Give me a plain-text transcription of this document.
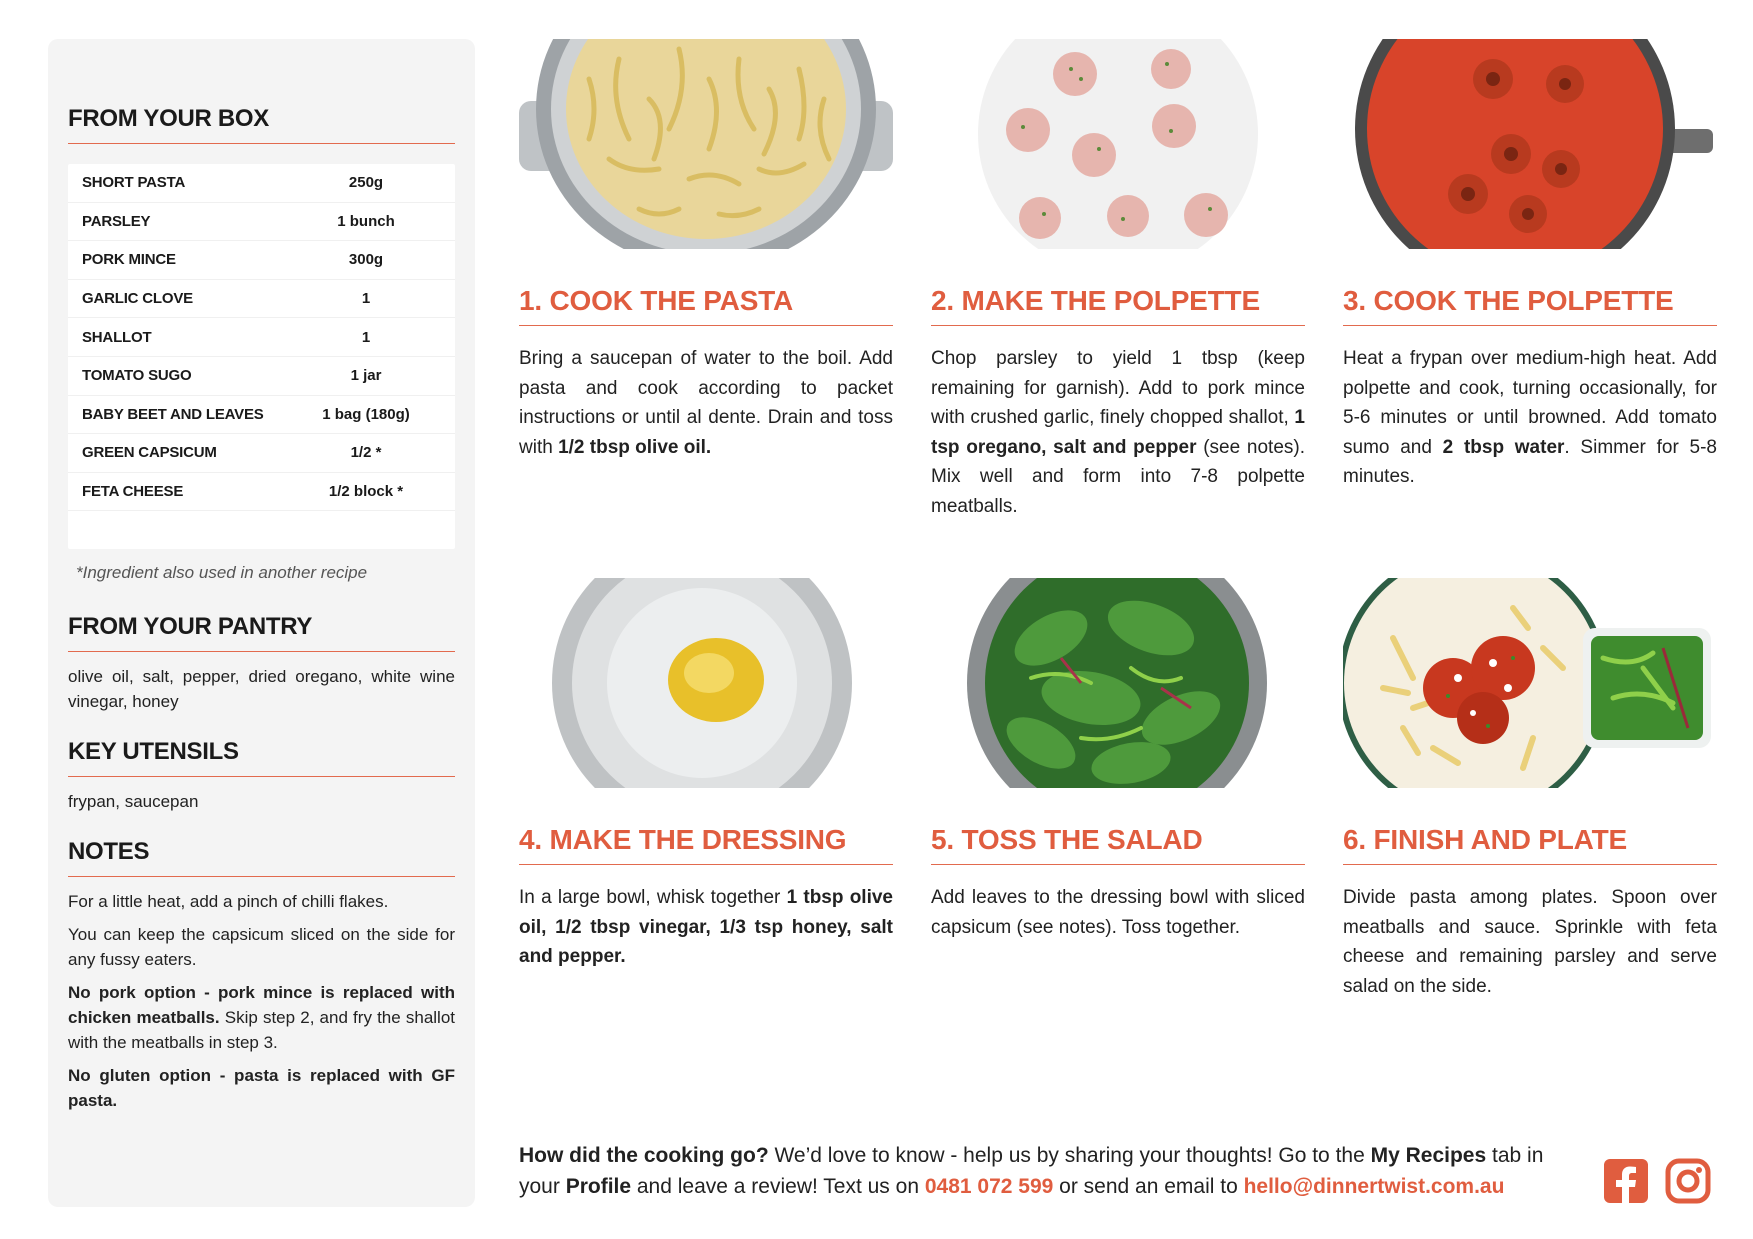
FROM YOUR BOX
SHORT PASTA	250g
PARSLEY	1 bunch
PORK MINCE	300g
GARLIC CLOVE	1
SHALLOT	1
TOMATO SUGO	1 jar
BABY BEET AND LEAVES	1 bag (180g)
GREEN CAPSICUM	1/2 *
FETA CHEESE	1/2 block *
*Ingredient also used in another recipe
FROM YOUR PANTRY
olive oil, salt, pepper, dried oregano, white wine vinegar, honey
KEY UTENSILS
frypan, saucepan
NOTES
For a little heat, add a pinch of chilli flakes.
You can keep the capsicum sliced on the side for any fussy eaters.
No pork option - pork mince is replaced with chicken meatballs. Skip step 2, and fry the shallot with the meatballs in step 3.
No gluten option - pasta is replaced with GF pasta.
1. COOK THE PASTA

Bring a saucepan of water to the boil. Add pasta and cook according to packet instructions or until al dente. Drain and toss with 1/2 tbsp olive oil.

2. MAKE THE POLPETTE

Chop parsley to yield 1 tbsp (keep remaining for garnish). Add to pork mince with crushed garlic, finely chopped shallot, 1 tsp oregano, salt and pepper (see notes). Mix well and form into 7-8 polpette meatballs.

3. COOK THE POLPETTE

Heat a frypan over medium-high heat. Add polpette and cook, turning occasionally, for 5-6 minutes or until browned. Add tomato sumo and 2 tbsp water. Simmer for 5-8 minutes.

4. MAKE THE DRESSING

In a large bowl, whisk together 1 tbsp olive oil, 1/2 tbsp vinegar, 1/3 tsp honey, salt and pepper.

5. TOSS THE SALAD

Add leaves to the dressing bowl with sliced capsicum (see notes). Toss together.

6. FINISH AND PLATE

Divide pasta among plates. Spoon over meatballs and sauce. Sprinkle with feta cheese and remaining parsley and serve salad on the side.

How did the cooking go? We’d love to know - help us by sharing your thoughts! Go to the My Recipes tab in your Profile and leave a review! Text us on 0481 072 599 or send an email to hello@dinnertwist.com.au
